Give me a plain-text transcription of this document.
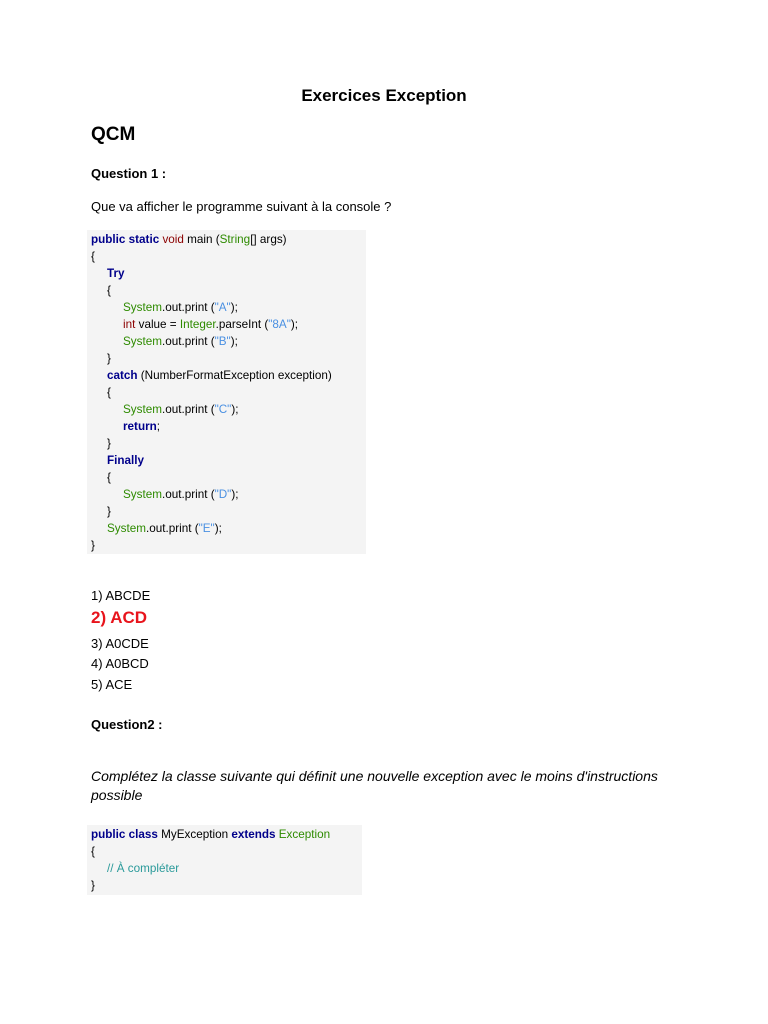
Exercices Exception
QCM
Question 1 :
Que va afficher le programme suivant à la console ?
public static void main (String[] args)
{
Try
{
System.out.print ("A");
int value = Integer.parseInt ("8A");
System.out.print ("B");
}
catch (NumberFormatException exception)
{
System.out.print ("C");
return;
}
Finally
{
System.out.print ("D");
}
System.out.print ("E");
}
1) ABCDE
2) ACD
3) A0CDE
4) A0BCD
5) ACE
Question2 :
Complétez la classe suivante qui définit une nouvelle exception avec le moins d'instructions possible
public class MyException extends Exception
{
// À compléter
}
